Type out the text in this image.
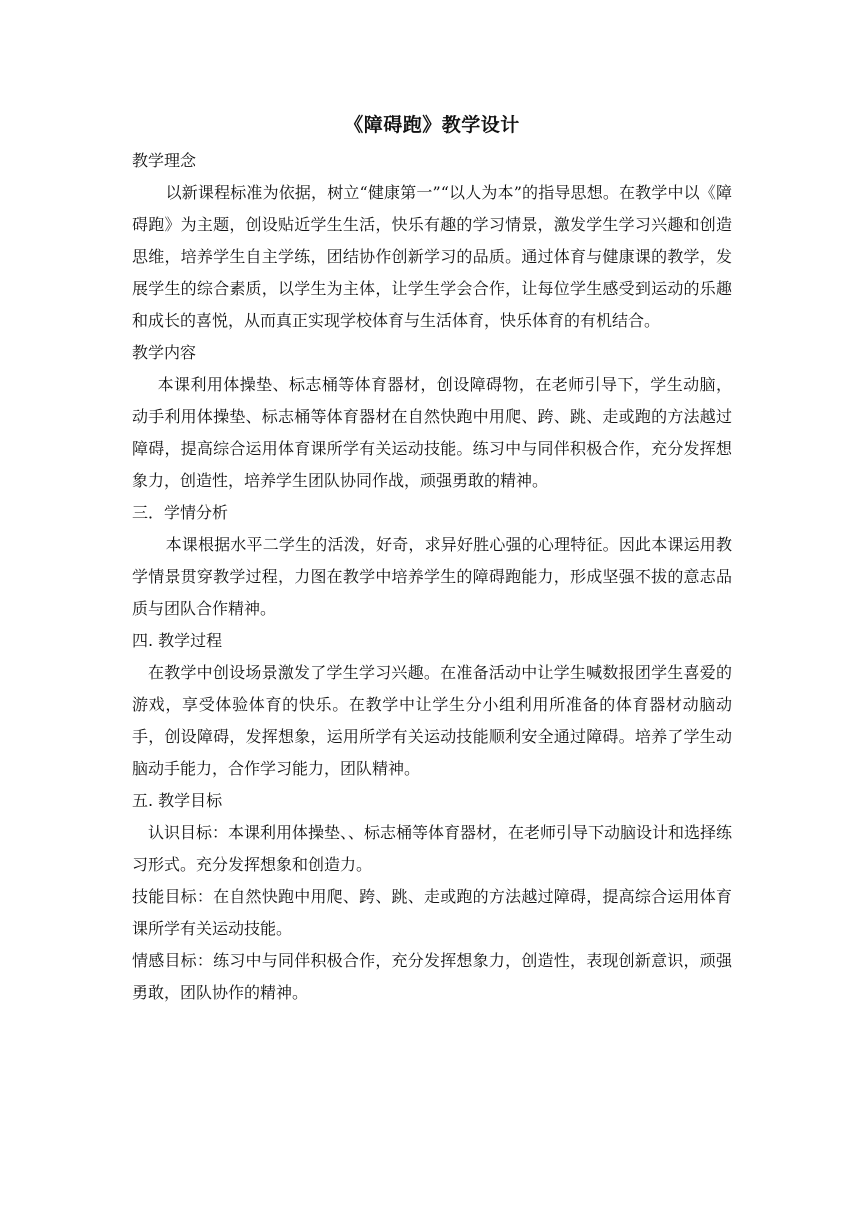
《障碍跑》教学设计

教学理念

以新课程标准为依据，树立“健康第一”“以人为本”的指导思想。在教学中以《障碍跑》为主题，创设贴近学生生活，快乐有趣的学习情景，激发学生学习兴趣和创造思维，培养学生自主学练，团结协作创新学习的品质。通过体育与健康课的教学，发展学生的综合素质，以学生为主体，让学生学会合作，让每位学生感受到运动的乐趣和成长的喜悦，从而真正实现学校体育与生活体育，快乐体育的有机结合。

教学内容

本课利用体操垫、标志桶等体育器材，创设障碍物，在老师引导下，学生动脑，动手利用体操垫、标志桶等体育器材在自然快跑中用爬、跨、跳、走或跑的方法越过障碍，提高综合运用体育课所学有关运动技能。练习中与同伴积极合作，充分发挥想象力，创造性，培养学生团队协同作战，顽强勇敢的精神。

三．学情分析

本课根据水平二学生的活泼，好奇，求异好胜心强的心理特征。因此本课运用教学情景贯穿教学过程，力图在教学中培养学生的障碍跑能力，形成坚强不拔的意志品质与团队合作精神。

四. 教学过程

在教学中创设场景激发了学生学习兴趣。在准备活动中让学生喊数报团学生喜爱的游戏，享受体验体育的快乐。在教学中让学生分小组利用所准备的体育器材动脑动手，创设障碍，发挥想象，运用所学有关运动技能顺利安全通过障碍。培养了学生动脑动手能力，合作学习能力，团队精神。

五. 教学目标

认识目标：本课利用体操垫、、标志桶等体育器材，在老师引导下动脑设计和选择练习形式。充分发挥想象和创造力。

技能目标：在自然快跑中用爬、跨、跳、走或跑的方法越过障碍，提高综合运用体育课所学有关运动技能。

情感目标：练习中与同伴积极合作，充分发挥想象力，创造性，表现创新意识，顽强勇敢，团队协作的精神。
